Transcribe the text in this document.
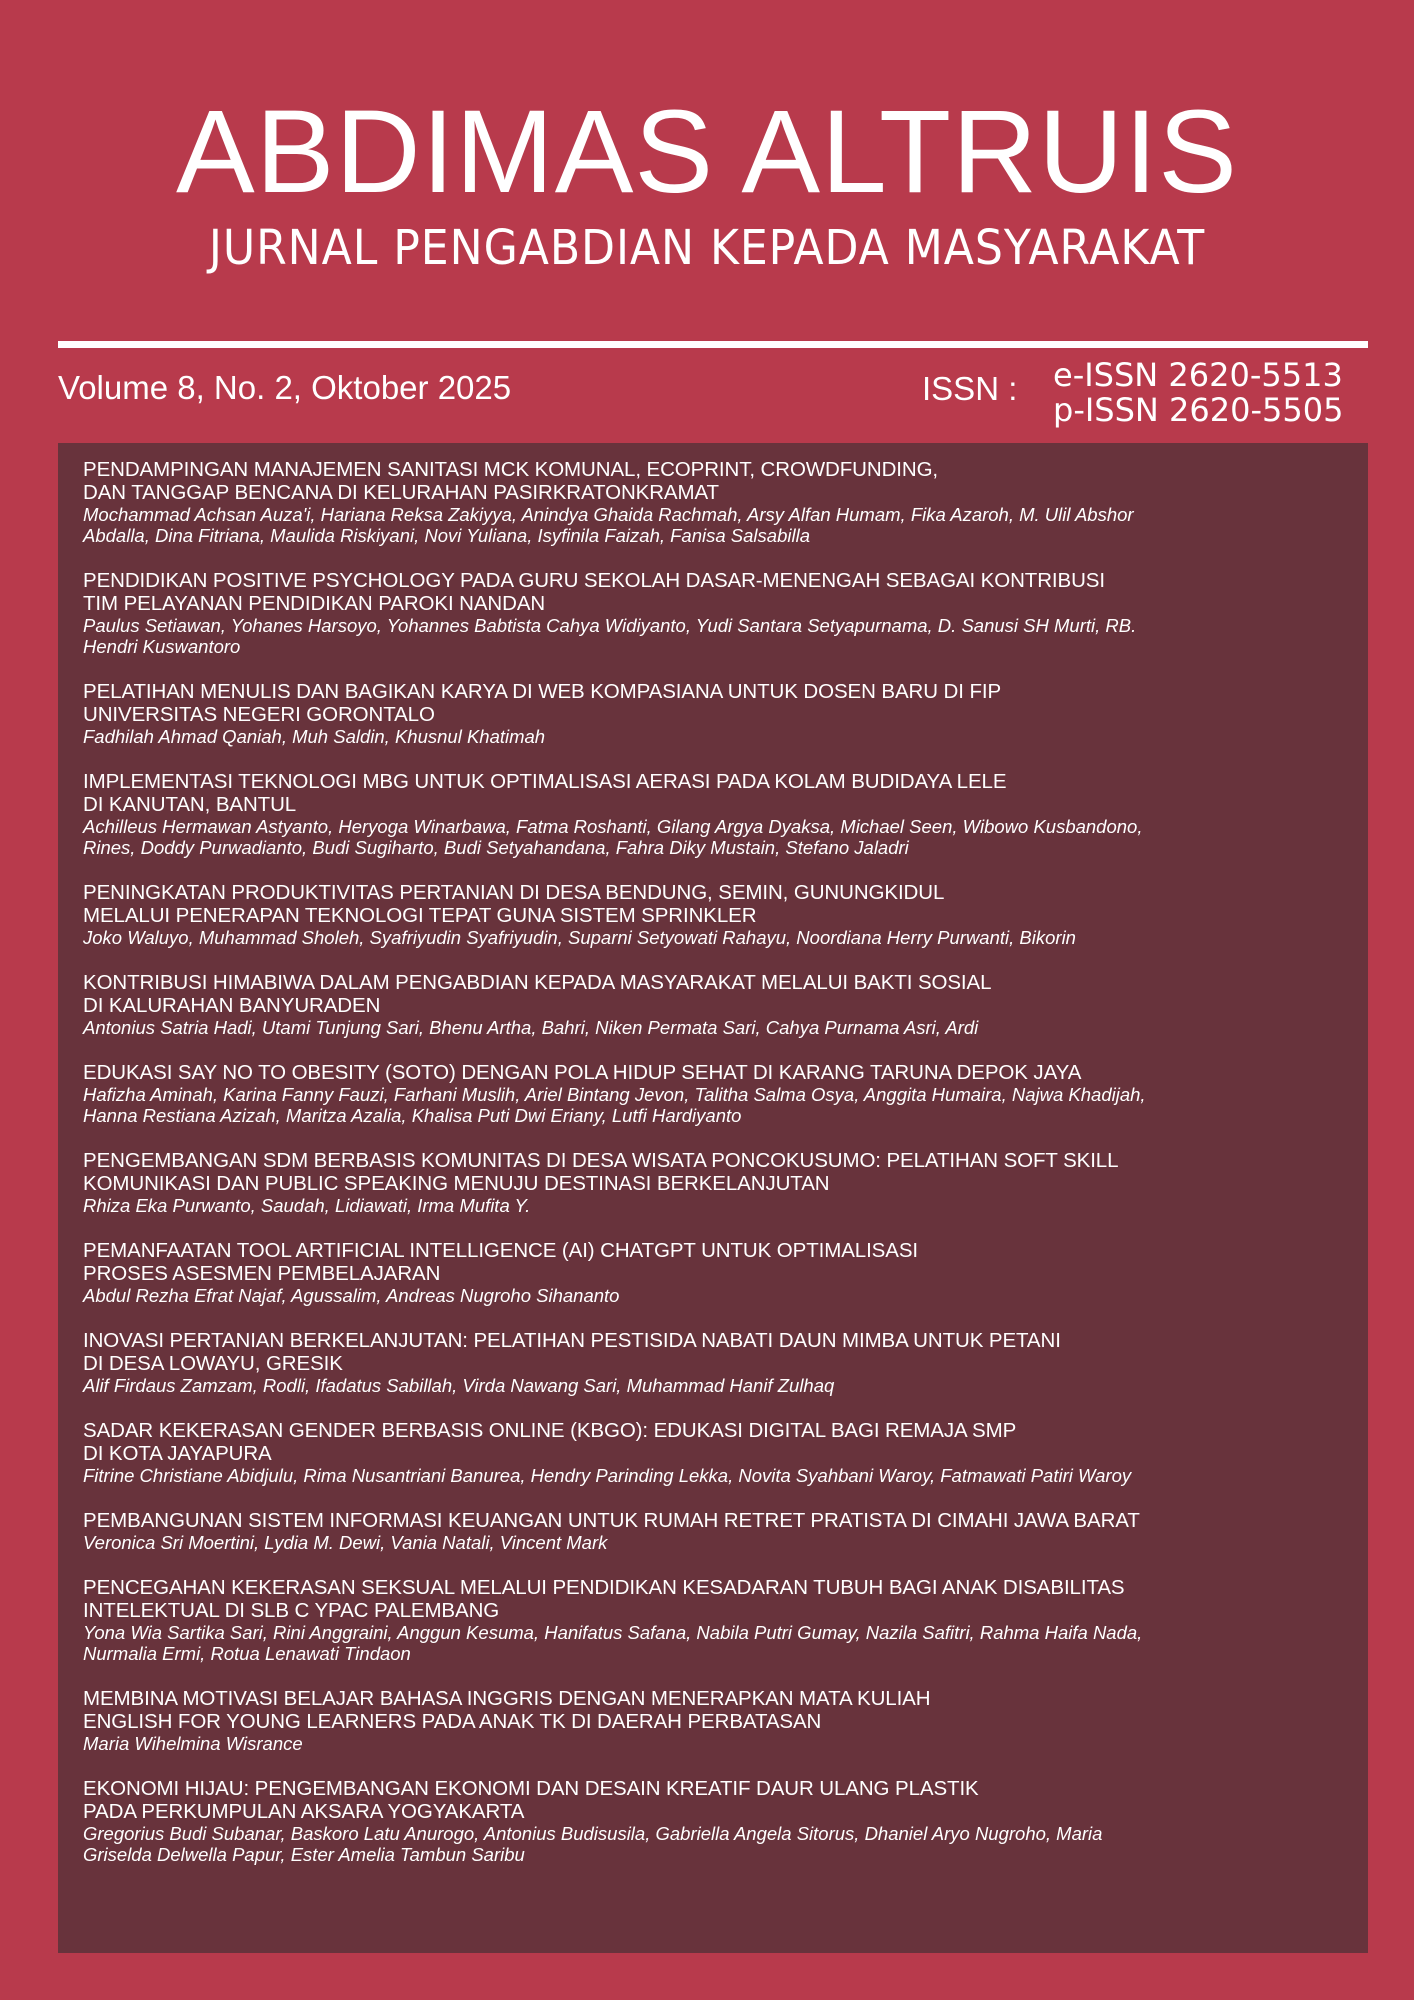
ABDIMAS ALTRUIS
JURNAL PENGABDIAN KEPADA MASYARAKAT
Volume 8, No. 2, Oktober 2025	ISSN : e-ISSN 2620-5513
p-ISSN 2620-5505
PENDAMPINGAN MANAJEMEN SANITASI MCK KOMUNAL, ECOPRINT, CROWDFUNDING,
DAN TANGGAP BENCANA DI KELURAHAN PASIRKRATONKRAMAT
Mochammad Achsan Auza'i, Hariana Reksa Zakiyya, Anindya Ghaida Rachmah, Arsy Alfan Humam, Fika Azaroh, M. Ulil Abshor
Abdalla, Dina Fitriana, Maulida Riskiyani, Novi Yuliana, Isyfinila Faizah, Fanisa Salsabilla
PENDIDIKAN POSITIVE PSYCHOLOGY PADA GURU SEKOLAH DASAR-MENENGAH SEBAGAI KONTRIBUSI
TIM PELAYANAN PENDIDIKAN PAROKI NANDAN
Paulus Setiawan, Yohanes Harsoyo, Yohannes Babtista Cahya Widiyanto, Yudi Santara Setyapurnama, D. Sanusi SH Murti, RB.
Hendri Kuswantoro
PELATIHAN MENULIS DAN BAGIKAN KARYA DI WEB KOMPASIANA UNTUK DOSEN BARU DI FIP
UNIVERSITAS NEGERI GORONTALO
Fadhilah Ahmad Qaniah, Muh Saldin, Khusnul Khatimah
IMPLEMENTASI TEKNOLOGI MBG UNTUK OPTIMALISASI AERASI PADA KOLAM BUDIDAYA LELE
DI KANUTAN, BANTUL
Achilleus Hermawan Astyanto, Heryoga Winarbawa, Fatma Roshanti, Gilang Argya Dyaksa, Michael Seen, Wibowo Kusbandono,
Rines, Doddy Purwadianto, Budi Sugiharto, Budi Setyahandana, Fahra Diky Mustain, Stefano Jaladri
PENINGKATAN PRODUKTIVITAS PERTANIAN DI DESA BENDUNG, SEMIN, GUNUNGKIDUL
MELALUI PENERAPAN TEKNOLOGI TEPAT GUNA SISTEM SPRINKLER
Joko Waluyo, Muhammad Sholeh, Syafriyudin Syafriyudin, Suparni Setyowati Rahayu, Noordiana Herry Purwanti, Bikorin
KONTRIBUSI HIMABIWA DALAM PENGABDIAN KEPADA MASYARAKAT MELALUI BAKTI SOSIAL
DI KALURAHAN BANYURADEN
Antonius Satria Hadi, Utami Tunjung Sari, Bhenu Artha, Bahri, Niken Permata Sari, Cahya Purnama Asri, Ardi
EDUKASI SAY NO TO OBESITY (SOTO) DENGAN POLA HIDUP SEHAT DI KARANG TARUNA DEPOK JAYA
Hafizha Aminah, Karina Fanny Fauzi, Farhani Muslih, Ariel Bintang Jevon, Talitha Salma Osya, Anggita Humaira, Najwa Khadijah,
Hanna Restiana Azizah, Maritza Azalia, Khalisa Puti Dwi Eriany, Lutfi Hardiyanto
PENGEMBANGAN SDM BERBASIS KOMUNITAS DI DESA WISATA PONCOKUSUMO: PELATIHAN SOFT SKILL
KOMUNIKASI DAN PUBLIC SPEAKING MENUJU DESTINASI BERKELANJUTAN
Rhiza Eka Purwanto, Saudah, Lidiawati, Irma Mufita Y.
PEMANFAATAN TOOL ARTIFICIAL INTELLIGENCE (AI) CHATGPT UNTUK OPTIMALISASI
PROSES ASESMEN PEMBELAJARAN
Abdul Rezha Efrat Najaf, Agussalim, Andreas Nugroho Sihananto
INOVASI PERTANIAN BERKELANJUTAN: PELATIHAN PESTISIDA NABATI DAUN MIMBA UNTUK PETANI
DI DESA LOWAYU, GRESIK
Alif Firdaus Zamzam, Rodli, Ifadatus Sabillah, Virda Nawang Sari, Muhammad Hanif Zulhaq
SADAR KEKERASAN GENDER BERBASIS ONLINE (KBGO): EDUKASI DIGITAL BAGI REMAJA SMP
DI KOTA JAYAPURA
Fitrine Christiane Abidjulu, Rima Nusantriani Banurea, Hendry Parinding Lekka, Novita Syahbani Waroy, Fatmawati Patiri Waroy
PEMBANGUNAN SISTEM INFORMASI KEUANGAN UNTUK RUMAH RETRET PRATISTA DI CIMAHI JAWA BARAT
Veronica Sri Moertini, Lydia M. Dewi, Vania Natali, Vincent Mark
PENCEGAHAN KEKERASAN SEKSUAL MELALUI PENDIDIKAN KESADARAN TUBUH BAGI ANAK DISABILITAS
INTELEKTUAL DI SLB C YPAC PALEMBANG
Yona Wia Sartika Sari, Rini Anggraini, Anggun Kesuma, Hanifatus Safana, Nabila Putri Gumay, Nazila Safitri, Rahma Haifa Nada,
Nurmalia Ermi, Rotua Lenawati Tindaon
MEMBINA MOTIVASI BELAJAR BAHASA INGGRIS DENGAN MENERAPKAN MATA KULIAH
ENGLISH FOR YOUNG LEARNERS PADA ANAK TK DI DAERAH PERBATASAN
Maria Wihelmina Wisrance
EKONOMI HIJAU: PENGEMBANGAN EKONOMI DAN DESAIN KREATIF DAUR ULANG PLASTIK
PADA PERKUMPULAN AKSARA YOGYAKARTA
Gregorius Budi Subanar, Baskoro Latu Anurogo, Antonius Budisusila, Gabriella Angela Sitorus, Dhaniel Aryo Nugroho, Maria
Griselda Delwella Papur, Ester Amelia Tambun Saribu
